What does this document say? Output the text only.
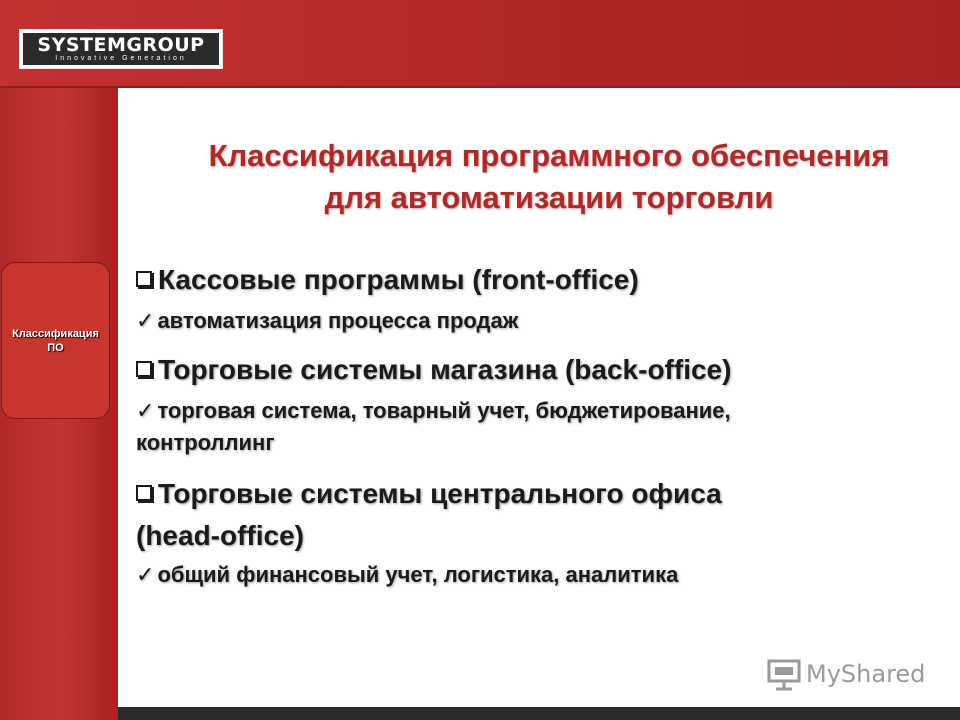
SYSTEMGROUP
Innovative Generation
Классификация
ПО
Классификация программного обеспечения
для автоматизации торговли
Кассовые программы (front-office)
✓ автоматизация процесса продаж
Торговые системы магазина (back-office)
✓ торговая система, товарный учет, бюджетирование,
контроллинг
Торговые системы центрального офиса
(head-office)
✓ общий финансовый учет, логистика, аналитика
MyShared
